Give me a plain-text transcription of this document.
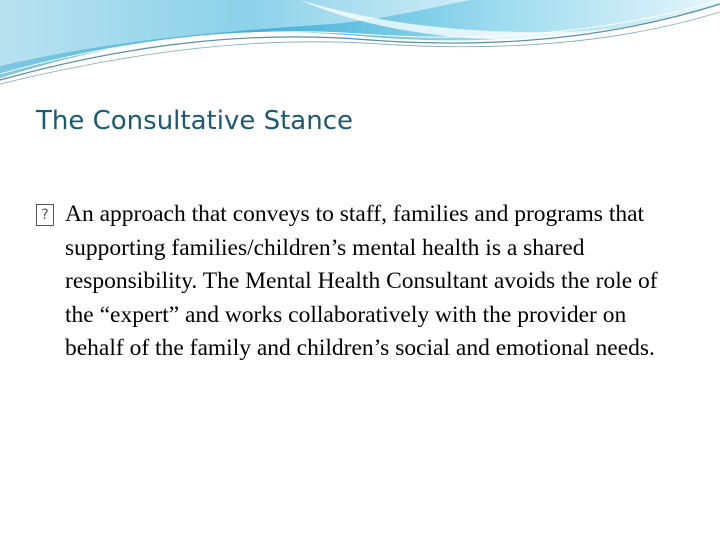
The Consultative Stance
?

An approach that conveys to staff, families and programs that supporting families/children’s mental health is a shared responsibility. The Mental Health Consultant avoids the role of the “expert” and works collaboratively with the provider on behalf of the family and children’s social and emotional needs.
